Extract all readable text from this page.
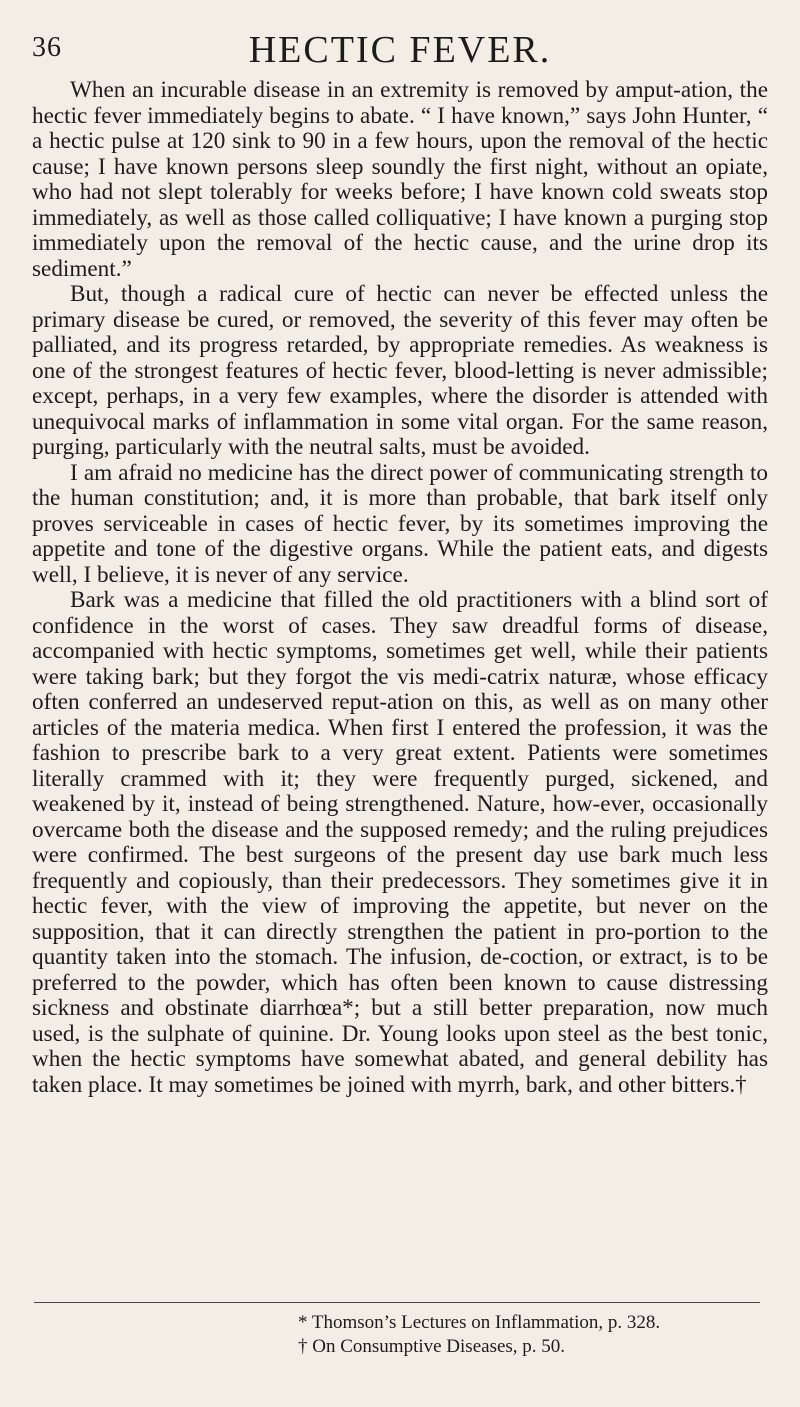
36	HECTIC FEVER.

When an incurable disease in an extremity is removed by amput-ation, the hectic fever immediately begins to abate. “ I have known,” says John Hunter, “ a hectic pulse at 120 sink to 90 in a few hours, upon the removal of the hectic cause; I have known persons sleep soundly the first night, without an opiate, who had not slept tolerably for weeks before; I have known cold sweats stop immediately, as well as those called colliquative; I have known a purging stop immediately upon the removal of the hectic cause, and the urine drop its sediment.”

But, though a radical cure of hectic can never be effected unless the primary disease be cured, or removed, the severity of this fever may often be palliated, and its progress retarded, by appropriate remedies. As weakness is one of the strongest features of hectic fever, blood-letting is never admissible; except, perhaps, in a very few examples, where the disorder is attended with unequivocal marks of inflammation in some vital organ. For the same reason, purging, particularly with the neutral salts, must be avoided.

I am afraid no medicine has the direct power of communicating strength to the human constitution; and, it is more than probable, that bark itself only proves serviceable in cases of hectic fever, by its sometimes improving the appetite and tone of the digestive organs. While the patient eats, and digests well, I believe, it is never of any service.

Bark was a medicine that filled the old practitioners with a blind sort of confidence in the worst of cases. They saw dreadful forms of disease, accompanied with hectic symptoms, sometimes get well, while their patients were taking bark; but they forgot the vis medi-catrix naturæ, whose efficacy often conferred an undeserved reput-ation on this, as well as on many other articles of the materia medica. When first I entered the profession, it was the fashion to prescribe bark to a very great extent. Patients were sometimes literally crammed with it; they were frequently purged, sickened, and weakened by it, instead of being strengthened. Nature, how-ever, occasionally overcame both the disease and the supposed remedy; and the ruling prejudices were confirmed. The best surgeons of the present day use bark much less frequently and copiously, than their predecessors. They sometimes give it in hectic fever, with the view of improving the appetite, but never on the supposition, that it can directly strengthen the patient in pro-portion to the quantity taken into the stomach. The infusion, de-coction, or extract, is to be preferred to the powder, which has often been known to cause distressing sickness and obstinate diarrhœa*; but a still better preparation, now much used, is the sulphate of quinine. Dr. Young looks upon steel as the best tonic, when the hectic symptoms have somewhat abated, and general debility has taken place. It may sometimes be joined with myrrh, bark, and other bitters.†

* Thomson’s Lectures on Inflammation, p. 328.

† On Consumptive Diseases, p. 50.
